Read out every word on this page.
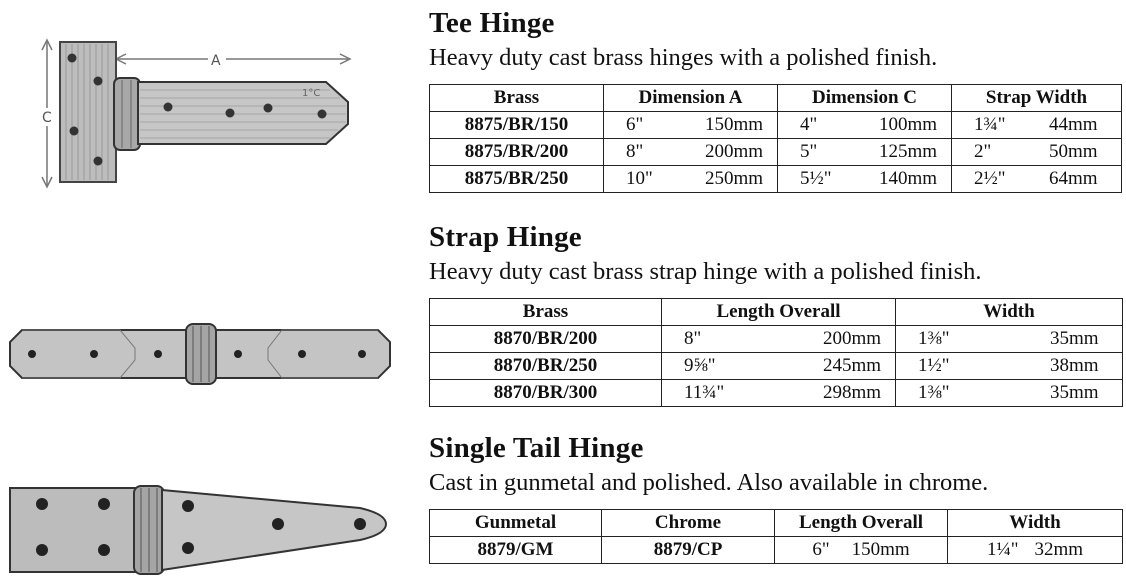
C
A
1°C
Tee Hinge
Heavy duty cast brass hinges with a polished finish.
Brass	Dimension A	Dimension C	Strap Width
8875/BR/150	6" 150mm	4" 100mm	1¾" 44mm

8875/BR/200	8" 200mm	5" 125mm	2" 50mm

8875/BR/250	10" 250mm	5½" 140mm	2½" 64mm
Strap Hinge
Heavy duty cast brass strap hinge with a polished finish.
Brass	Length Overall	Width
8870/BR/200	8" 200mm	1⅜" 35mm

8870/BR/250	9⅝" 245mm	1½" 38mm

8870/BR/300	11¾" 298mm	1⅜" 35mm
Single Tail Hinge
Cast in gunmetal and polished. Also available in chrome.
Gunmetal	Chrome	Length Overall	Width
8879/GM	8879/CP	6" 150mm	1¼" 32mm
